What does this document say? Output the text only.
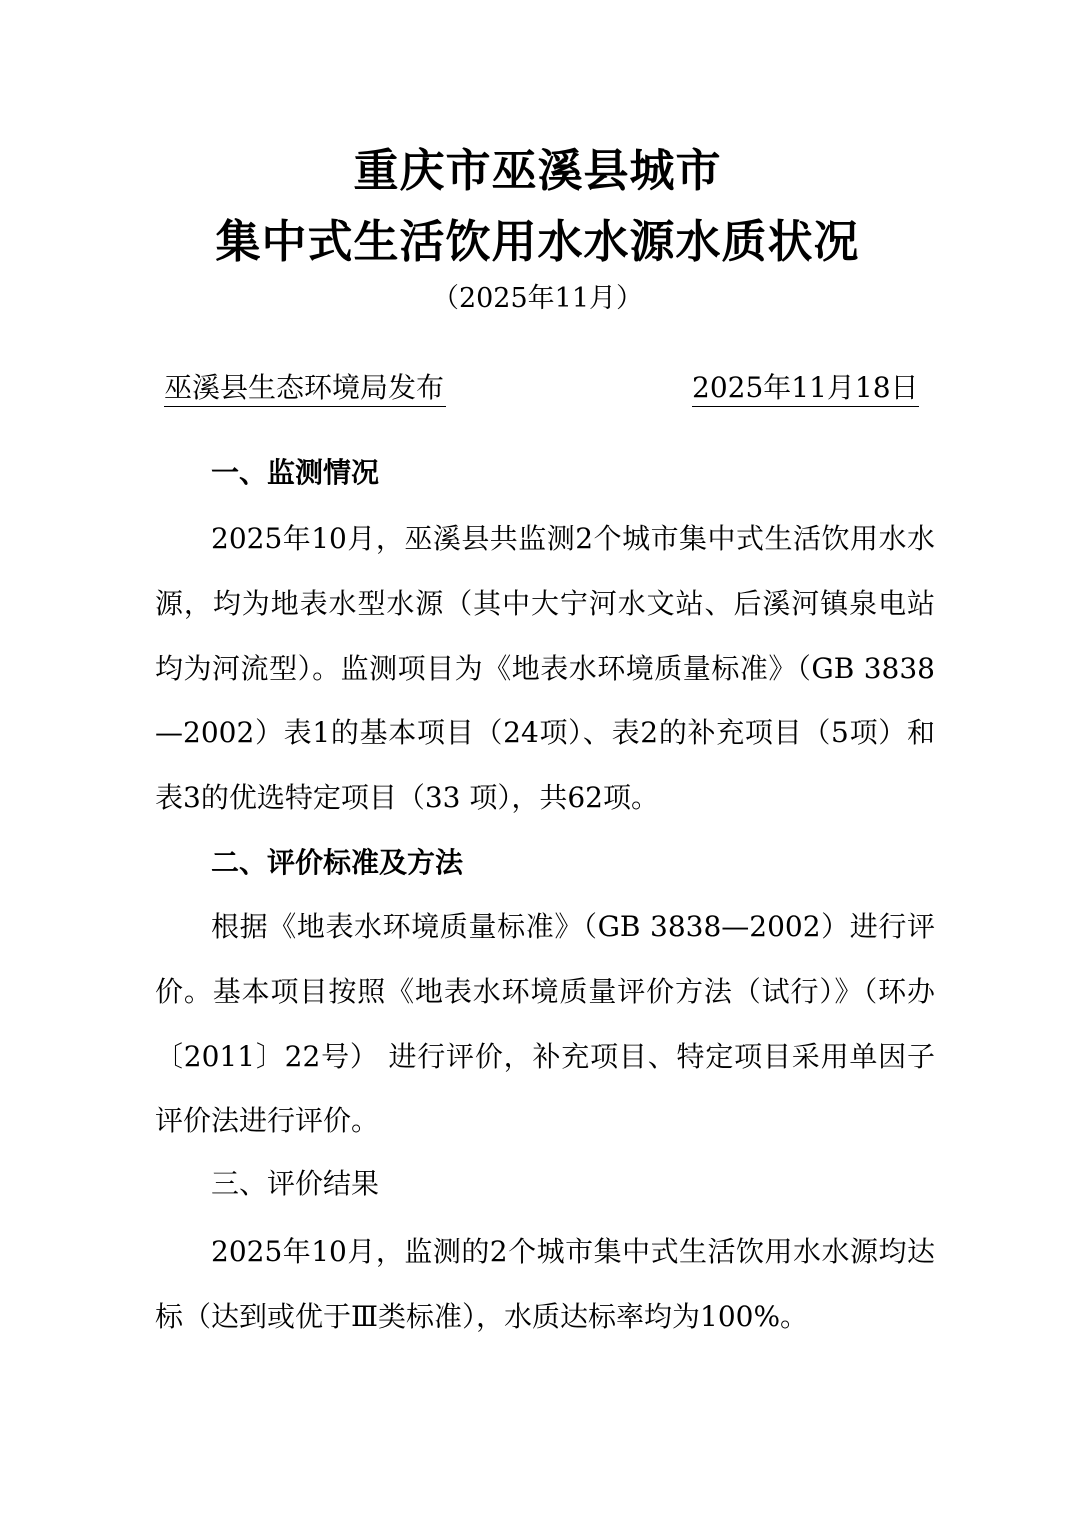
重庆市巫溪县城市
集中式生活饮用水水源水质状况
（2025年11月）
巫溪县生态环境局发布	2025年11月18日
一、监测情况
2025年10月，巫溪县共监测2个城市集中式生活饮用水水源，均为地表水型水源（其中大宁河水文站、后溪河镇泉电站均为河流型）。监测项目为《地表水环境质量标准》（GB 3838—2002）表1的基本项目（24项）、表2的补充项目（5项）和表3的优选特定项目（33 项），共62项。
二、评价标准及方法
根据《地表水环境质量标准》（GB 3838—2002）进行评价。基本项目按照《地表水环境质量评价方法（试行）》（环办〔2011〕22号） 进行评价，补充项目、特定项目采用单因子评价法进行评价。
三、评价结果
2025年10月，监测的2个城市集中式生活饮用水水源均达标（达到或优于Ⅲ类标准），水质达标率均为100%。
